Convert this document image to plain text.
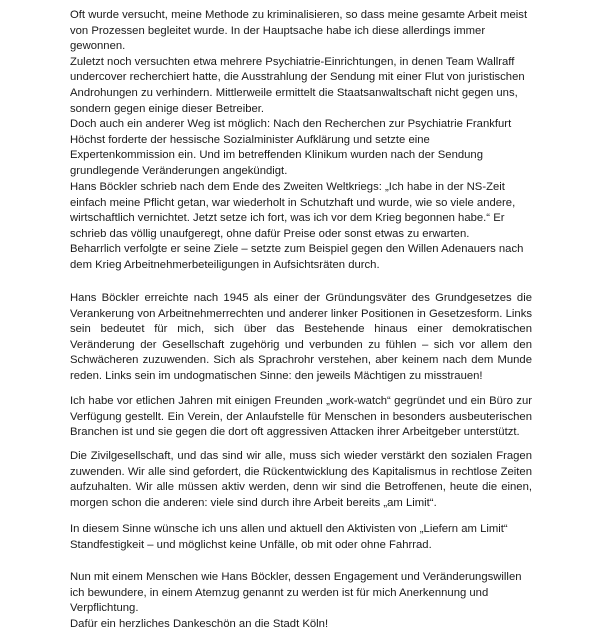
Oft wurde versucht, meine Methode zu kriminalisieren, so dass meine gesamte Arbeit meist von Prozessen begleitet wurde. In der Hauptsache habe ich diese allerdings immer gewonnen.

Zuletzt noch versuchten etwa mehrere Psychiatrie-Einrichtungen, in denen Team Wallraff undercover recherchiert hatte, die Ausstrahlung der Sendung mit einer Flut von juristischen Androhungen zu verhindern. Mittlerweile ermittelt die Staatsanwaltschaft nicht gegen uns, sondern gegen einige dieser Betreiber.

Doch auch ein anderer Weg ist möglich: Nach den Recherchen zur Psychiatrie Frankfurt Höchst forderte der hessische Sozialminister Aufklärung und setzte eine Expertenkommission ein. Und im betreffenden Klinikum wurden nach der Sendung grundlegende Veränderungen angekündigt.

Hans Böckler schrieb nach dem Ende des Zweiten Weltkriegs: „Ich habe in der NS-Zeit einfach meine Pflicht getan, war wiederholt in Schutzhaft und wurde, wie so viele andere, wirtschaftlich vernichtet. Jetzt setze ich fort, was ich vor dem Krieg begonnen habe.“ Er schrieb das völlig unaufgeregt, ohne dafür Preise oder sonst etwas zu erwarten.

Beharrlich verfolgte er seine Ziele – setzte zum Beispiel gegen den Willen Adenauers nach dem Krieg Arbeitnehmerbeteiligungen in Aufsichtsräten durch.

Hans Böckler erreichte nach 1945 als einer der Gründungsväter des Grundgesetzes die Verankerung von Arbeitnehmerrechten und anderer linker Positionen in Gesetzesform. Links sein bedeutet für mich, sich über das Bestehende hinaus einer demokratischen Veränderung der Gesellschaft zugehörig und verbunden zu fühlen – sich vor allem den Schwächeren zuzuwenden. Sich als Sprachrohr verstehen, aber keinem nach dem Munde reden. Links sein im undogmatischen Sinne: den jeweils Mächtigen zu misstrauen!

Ich habe vor etlichen Jahren mit einigen Freunden „work-watch“ gegründet und ein Büro zur Verfügung gestellt. Ein Verein, der Anlaufstelle für Menschen in besonders ausbeuterischen Branchen ist und sie gegen die dort oft aggressiven Attacken ihrer Arbeitgeber unterstützt.

Die Zivilgesellschaft, und das sind wir alle, muss sich wieder verstärkt den sozialen Fragen zuwenden. Wir alle sind gefordert, die Rückentwicklung des Kapitalismus in rechtlose Zeiten aufzuhalten. Wir alle müssen aktiv werden, denn wir sind die Betroffenen, heute die einen, morgen schon die anderen: viele sind durch ihre Arbeit bereits „am Limit“.

In diesem Sinne wünsche ich uns allen und aktuell den Aktivisten von „Liefern am Limit“ Standfestigkeit – und möglichst keine Unfälle, ob mit oder ohne Fahrrad.

Nun mit einem Menschen wie Hans Böckler, dessen Engagement und Veränderungswillen ich bewundere, in einem Atemzug genannt zu werden ist für mich Anerkennung und Verpflichtung.

Dafür ein herzliches Dankeschön an die Stadt Köln!
